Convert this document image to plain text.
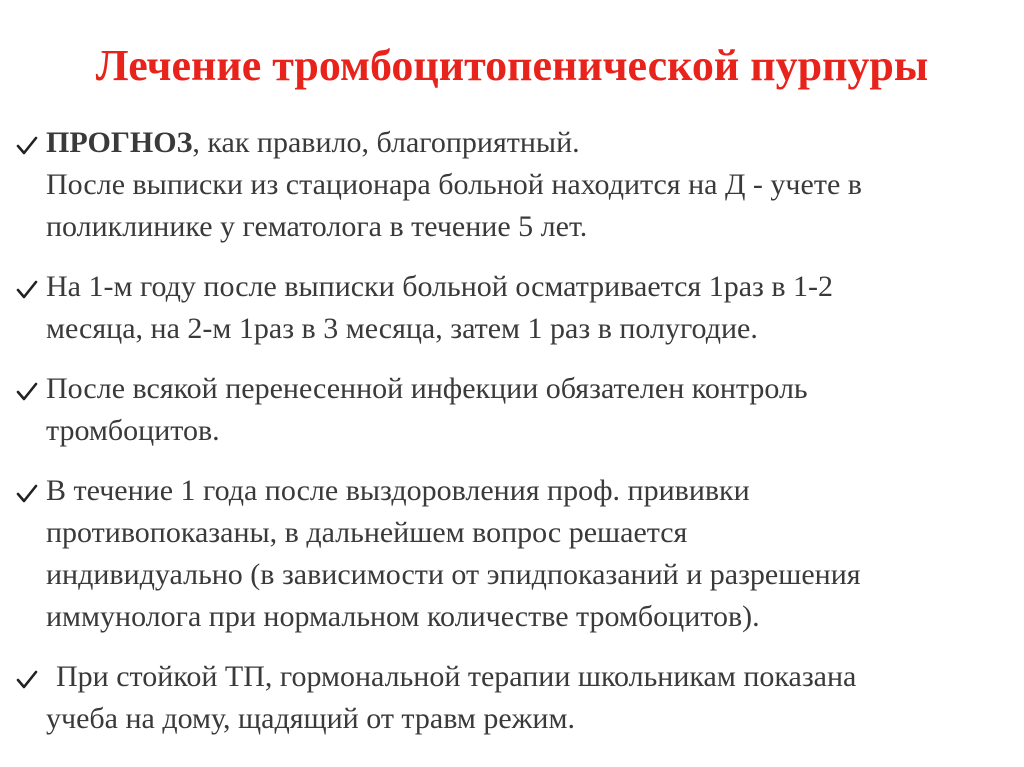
Лечение тромбоцитопенической пурпуры
ПРОГНОЗ, как правило, благоприятный.
После выписки из стационара больной находится на Д - учете в
поликлинике у гематолога в течение 5 лет.
На 1-м году после выписки больной осматривается 1раз в 1-2
месяца, на 2-м 1раз в 3 месяца, затем 1 раз в полугодие.
После всякой перенесенной инфекции обязателен контроль
тромбоцитов.
В течение 1 года после выздоровления проф. прививки
противопоказаны, в дальнейшем вопрос решается
индивидуально (в зависимости от эпидпоказаний и разрешения
иммунолога при нормальном количестве тромбоцитов).
При стойкой ТП, гормональной терапии школьникам показана
учеба на дому, щадящий от травм режим.
